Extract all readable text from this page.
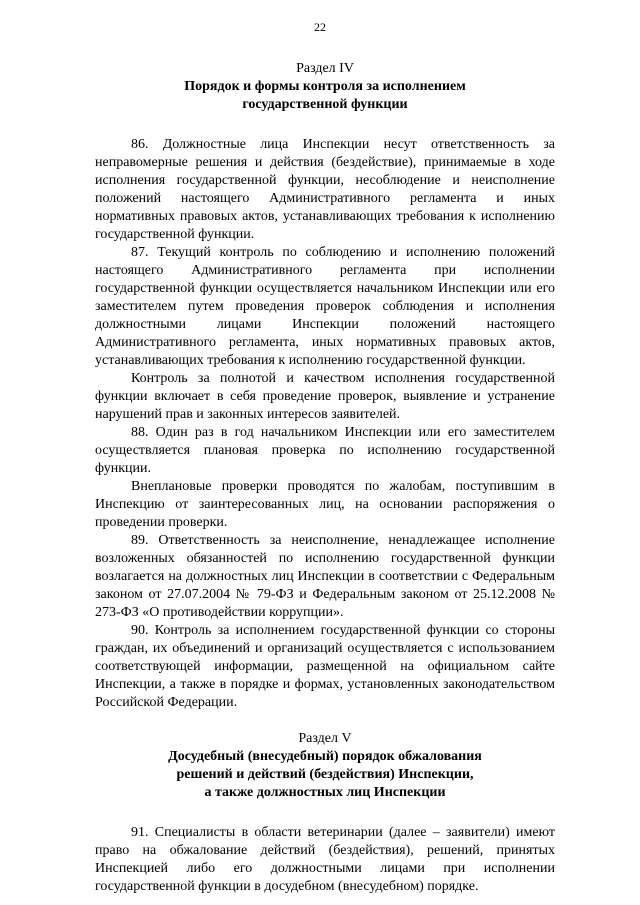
22

Раздел IV

Порядок и формы контроля за исполнением
государственной функции

86. Должностные лица Инспекции несут ответственность за неправомерные решения и действия (бездействие), принимаемые в ходе исполнения государственной функции, несоблюдение и неисполнение положений настоящего Административного регламента и иных нормативных правовых актов, устанавливающих требования к исполнению государственной функции.

87. Текущий контроль по соблюдению и исполнению положений настоящего Административного регламента при исполнении государственной функции осуществляется начальником Инспекции или его заместителем путем проведения проверок соблюдения и исполнения должностными лицами Инспекции положений настоящего Административного регламента, иных нормативных правовых актов, устанавливающих требования к исполнению государственной функции.

Контроль за полнотой и качеством исполнения государственной функции включает в себя проведение проверок, выявление и устранение нарушений прав и законных интересов заявителей.

88. Один раз в год начальником Инспекции или его заместителем осуществляется плановая проверка по исполнению государственной функции.

Внеплановые проверки проводятся по жалобам, поступившим в Инспекцию от заинтересованных лиц, на основании распоряжения о проведении проверки.

89. Ответственность за неисполнение, ненадлежащее исполнение возложенных обязанностей по исполнению государственной функции возлагается на должностных лиц Инспекции в соответствии с Федеральным законом от 27.07.2004 № 79-ФЗ и Федеральным законом от 25.12.2008 № 273-ФЗ «О противодействии коррупции».

90. Контроль за исполнением государственной функции со стороны граждан, их объединений и организаций осуществляется с использованием соответствующей информации, размещенной на официальном сайте Инспекции, а также в порядке и формах, установленных законодательством Российской Федерации.

Раздел V

Досудебный (внесудебный) порядок обжалования
решений и действий (бездействия) Инспекции,
а также должностных лиц Инспекции

91. Специалисты в области ветеринарии (далее – заявители) имеют право на обжалование действий (бездействия), решений, принятых Инспекцией либо его должностными лицами при исполнении государственной функции в досудебном (внесудебном) порядке.
